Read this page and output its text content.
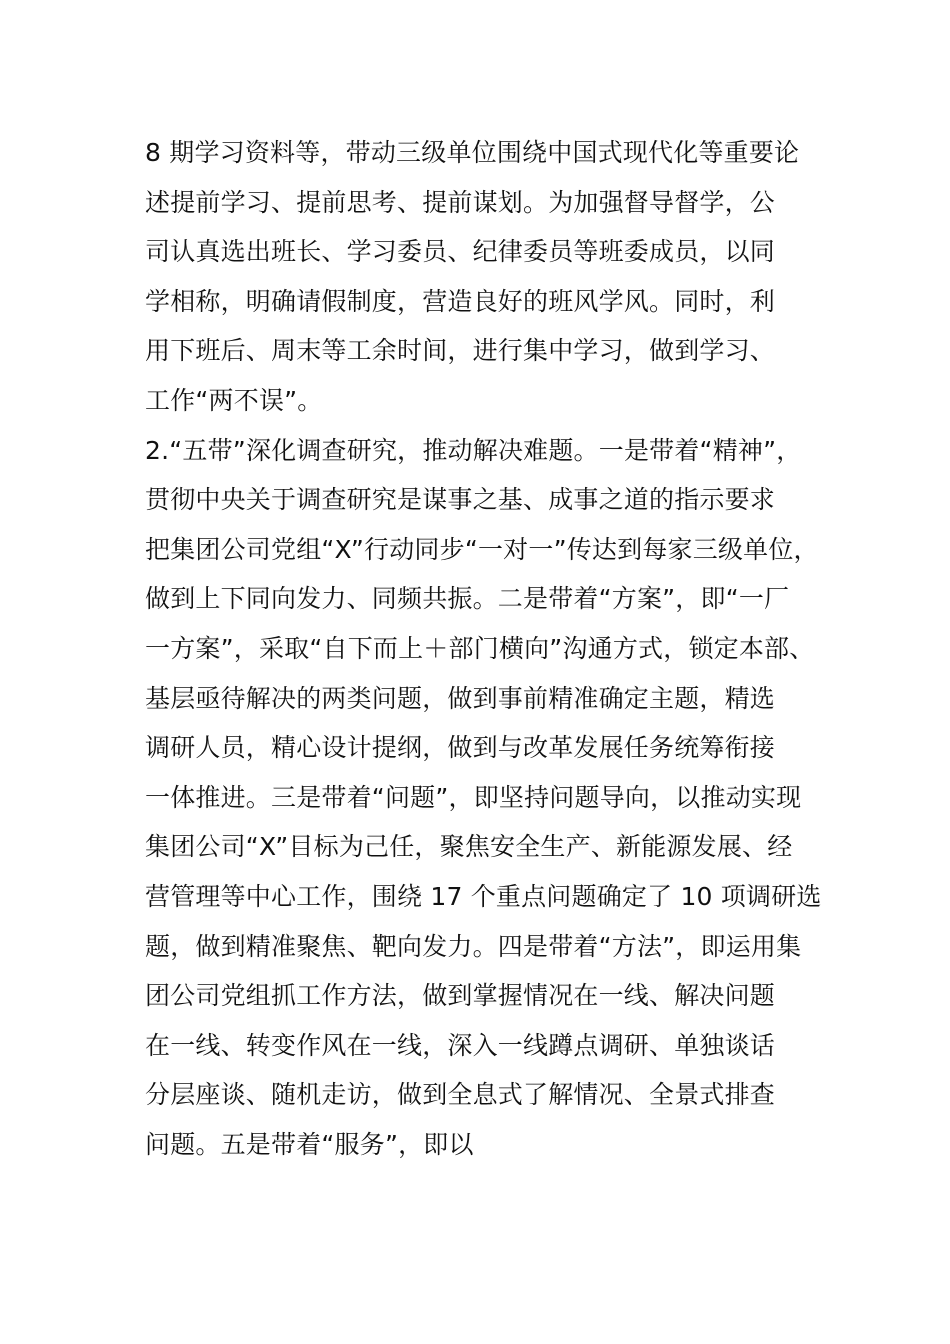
8 期学习资料等，带动三级单位围绕中国式现代化等重要论
述提前学习、提前思考、提前谋划。为加强督导督学，公
司认真选出班长、学习委员、纪律委员等班委成员，以同
学相称，明确请假制度，营造良好的班风学风。同时，利
用下班后、周末等工余时间，进行集中学习，做到学习、
工作“两不误”。
2.“五带”深化调查研究，推动解决难题。一是带着“精神”，
贯彻中央关于调查研究是谋事之基、成事之道的指示要求
把集团公司党组“X”行动同步“一对一”传达到每家三级单位，
做到上下同向发力、同频共振。二是带着“方案”，即“一厂
一方案”，采取“自下而上＋部门横向”沟通方式，锁定本部、
基层亟待解决的两类问题，做到事前精准确定主题，精选
调研人员，精心设计提纲，做到与改革发展任务统筹衔接
一体推进。三是带着“问题”，即坚持问题导向，以推动实现
集团公司“X”目标为己任，聚焦安全生产、新能源发展、经
营管理等中心工作，围绕 17 个重点问题确定了 10 项调研选
题，做到精准聚焦、靶向发力。四是带着“方法”，即运用集
团公司党组抓工作方法，做到掌握情况在一线、解决问题
在一线、转变作风在一线，深入一线蹲点调研、单独谈话
分层座谈、随机走访，做到全息式了解情况、全景式排查
问题。五是带着“服务”，即以
